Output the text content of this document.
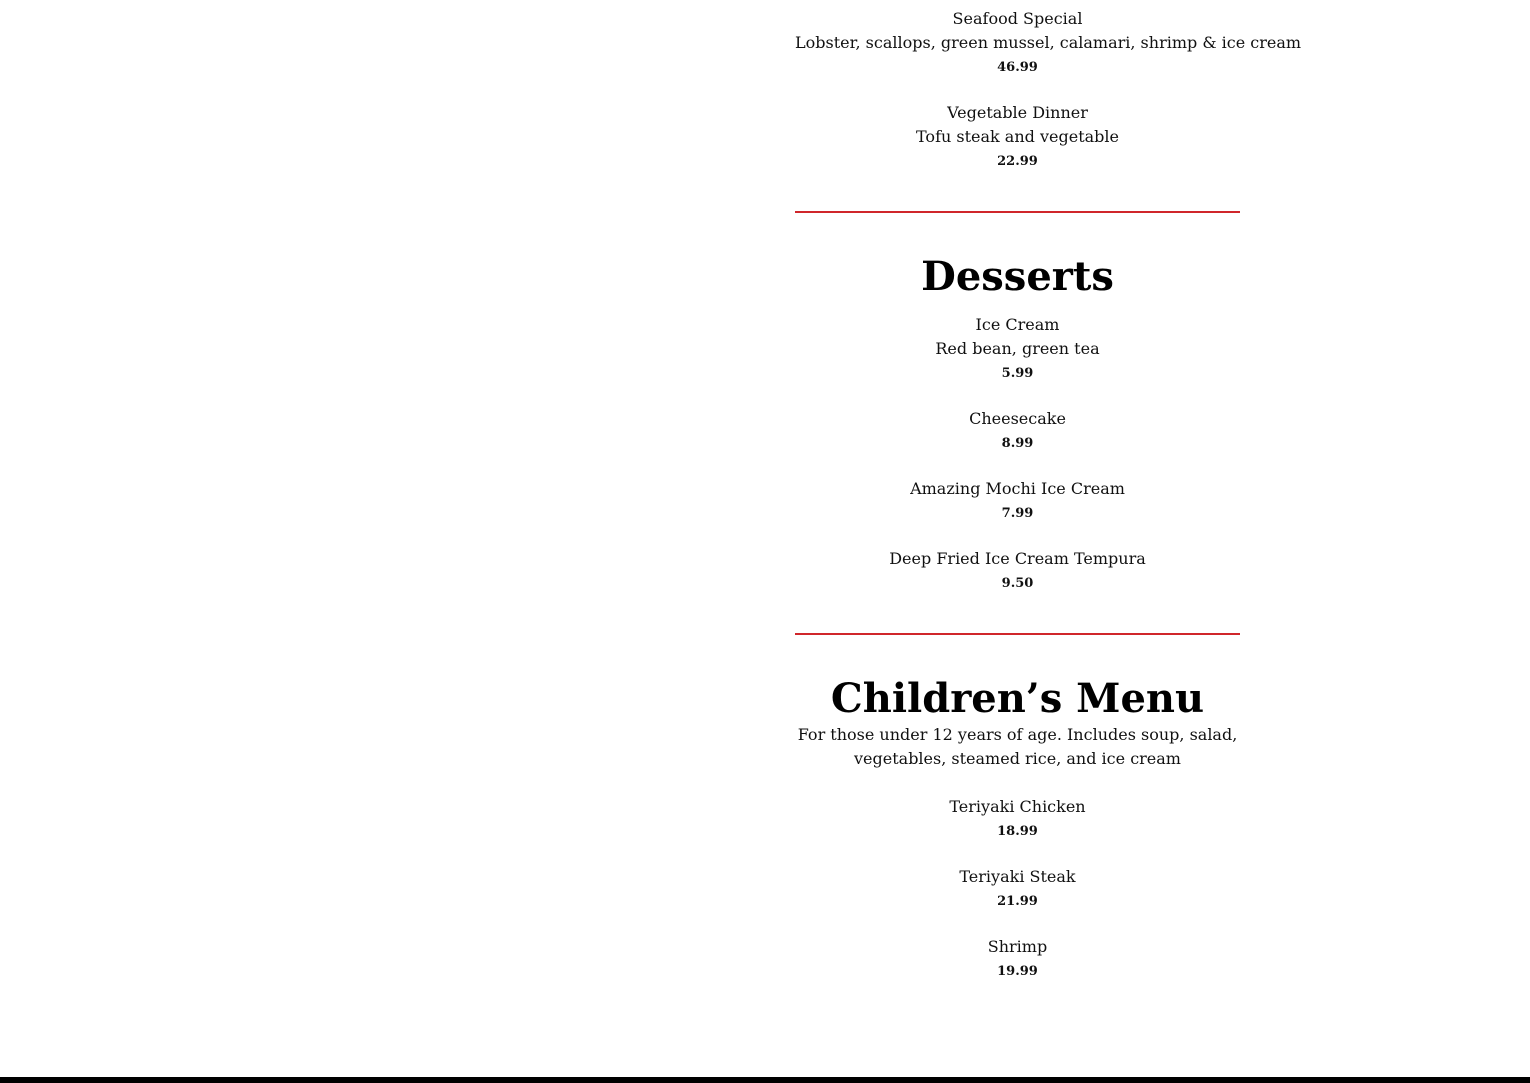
Seafood Special
Lobster, scallops, green mussel, calamari, shrimp & ice cream
46.99
Vegetable Dinner
Tofu steak and vegetable
22.99
Desserts
Ice Cream
Red bean, green tea
5.99
Cheesecake
8.99
Amazing Mochi Ice Cream
7.99
Deep Fried Ice Cream Tempura
9.50
Children’s Menu
For those under 12 years of age. Includes soup, salad,
vegetables, steamed rice, and ice cream
Teriyaki Chicken
18.99
Teriyaki Steak
21.99
Shrimp
19.99
